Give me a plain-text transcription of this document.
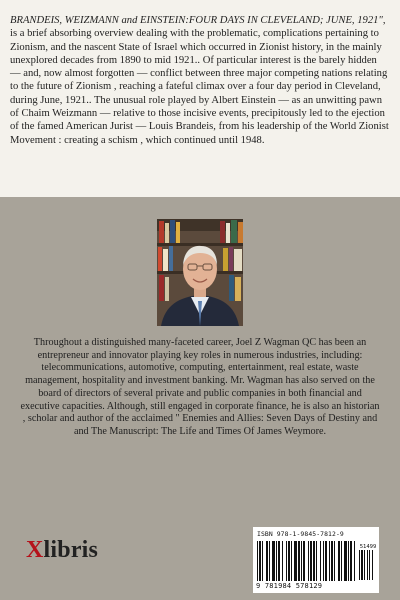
BRANDEIS, WEIZMANN and EINSTEIN:FOUR DAYS IN CLEVELAND; JUNE, 1921", is a brief absorbing overview dealing with the problematic, complications pertaining to Zionism, and the nascent State of Israel which occurred in Zionist history, in the mainly unexplored decades from 1890 to mid 1921.. Of particular interest is the barely hidden — and, now almost forgotten — conflict between three major competing nations relating to the future of Zionism , reaching a fateful climax over a four day period in Cleveland, during June, 1921.. The unusual role played by Albert Einstein — as an unwitting pawn of Chaim Weizmann — relative to those incisive events, precipitously led to the ejection of the famed American Jurist — Louis Brandeis, from his leadership of the World Zionist Movement : creating a schism , which continued until 1948.

Throughout a distinguished many-faceted career, Joel Z Wagman QC has been an entrepreneur and innovator playing key roles in numerous industries, including: telecommunications, automotive, computing, entertainment, real estate, waste management, hospitality and investment banking. Mr. Wagman has also served on the board of directors of several private and public companies in both financial and executive capacities. Although, still engaged in corporate finance, he is also an historian , scholar and author of the acclaimed " Enemies and Allies: Seven Days of Destiny and and The Manuscript: The Life and Times Of James Weymore.

Xlibris
ISBN 978-1-9845-7812-9
51499
9 781984 578129
